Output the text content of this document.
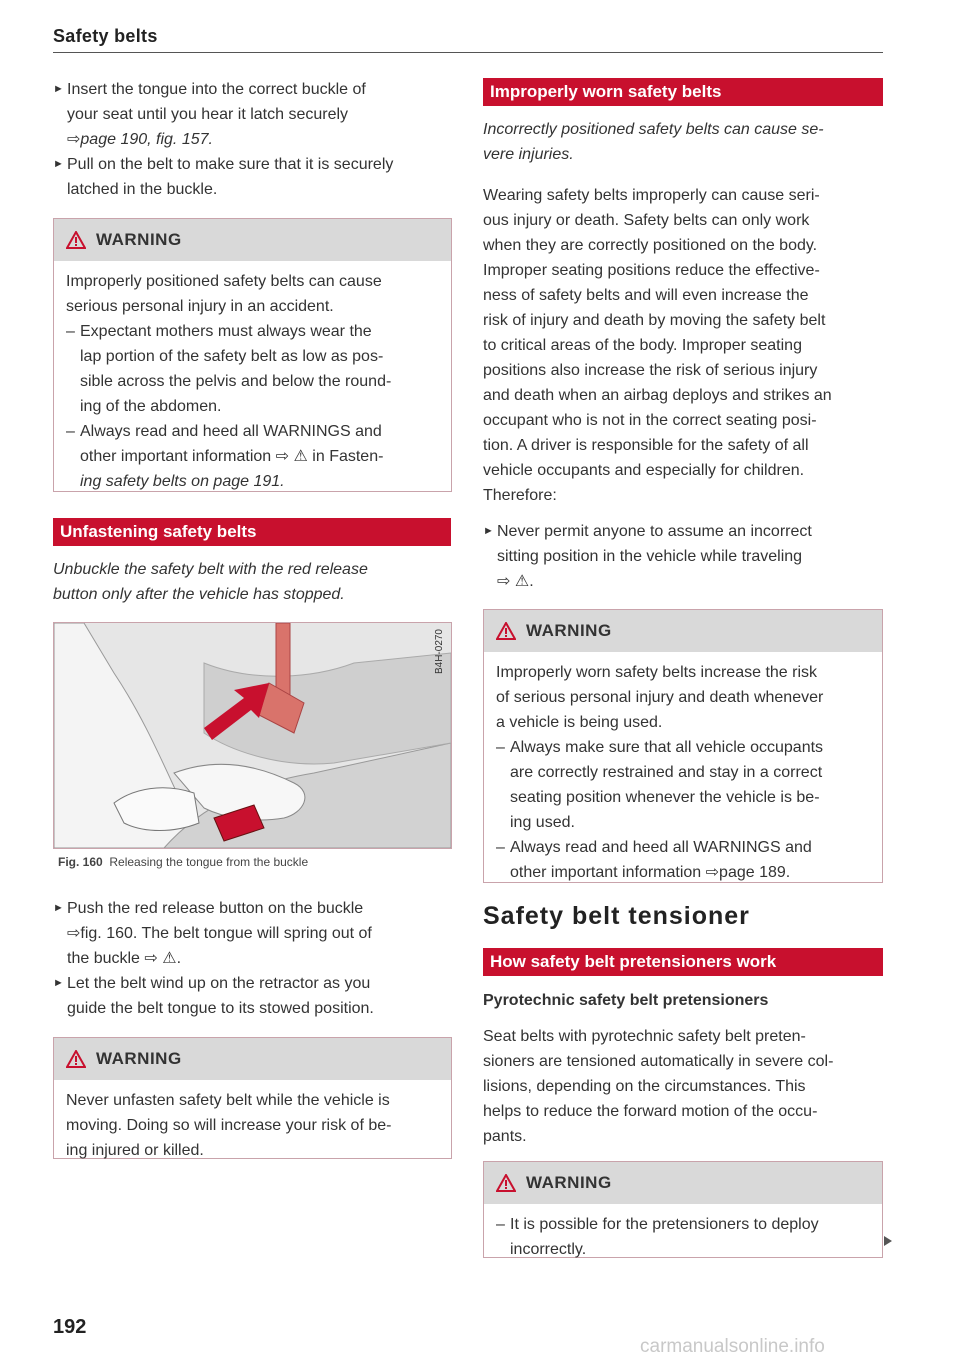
Safety belts

► Insert the tongue into the correct buckle of

your seat until you hear it latch securely

⇨page 190, fig. 157.

► Pull on the belt to make sure that it is securely

latched in the buckle.

WARNING
Improperly positioned safety belts can cause
serious personal injury in an accident.
– Expectant mothers must always wear the
lap portion of the safety belt as low as pos-
sible across the pelvis and below the round-
ing of the abdomen.
– Always read and heed all WARNINGS and
other important information ⇨ ⚠ in Fasten-
ing safety belts on page 191.
Unfastening safety belts
Unbuckle the safety belt with the red release
button only after the vehicle has stopped.
B4H-0270
Fig. 160 Releasing the tongue from the buckle

► Push the red release button on the buckle

⇨fig. 160. The belt tongue will spring out of

the buckle ⇨ ⚠.

► Let the belt wind up on the retractor as you

guide the belt tongue to its stowed position.

WARNING
Never unfasten safety belt while the vehicle is
moving. Doing so will increase your risk of be-
ing injured or killed.
192
Improperly worn safety belts
Incorrectly positioned safety belts can cause se-
vere injuries.
Wearing safety belts improperly can cause seri-
ous injury or death. Safety belts can only work
when they are correctly positioned on the body.
Improper seating positions reduce the effective-
ness of safety belts and will even increase the
risk of injury and death by moving the safety belt
to critical areas of the body. Improper seating
positions also increase the risk of serious injury
and death when an airbag deploys and strikes an
occupant who is not in the correct seating posi-
tion. A driver is responsible for the safety of all
vehicle occupants and especially for children.
Therefore:

► Never permit anyone to assume an incorrect

sitting position in the vehicle while traveling

⇨ ⚠.

WARNING
Improperly worn safety belts increase the risk
of serious personal injury and death whenever
a vehicle is being used.
– Always make sure that all vehicle occupants
are correctly restrained and stay in a correct
seating position whenever the vehicle is be-
ing used.
– Always read and heed all WARNINGS and
other important information ⇨page 189.
Safety belt tensioner
How safety belt pretensioners work
Pyrotechnic safety belt pretensioners
Seat belts with pyrotechnic safety belt preten-
sioners are tensioned automatically in severe col-
lisions, depending on the circumstances. This
helps to reduce the forward motion of the occu-
pants.
WARNING
– It is possible for the pretensioners to deploy
incorrectly.
carmanualsonline.info
